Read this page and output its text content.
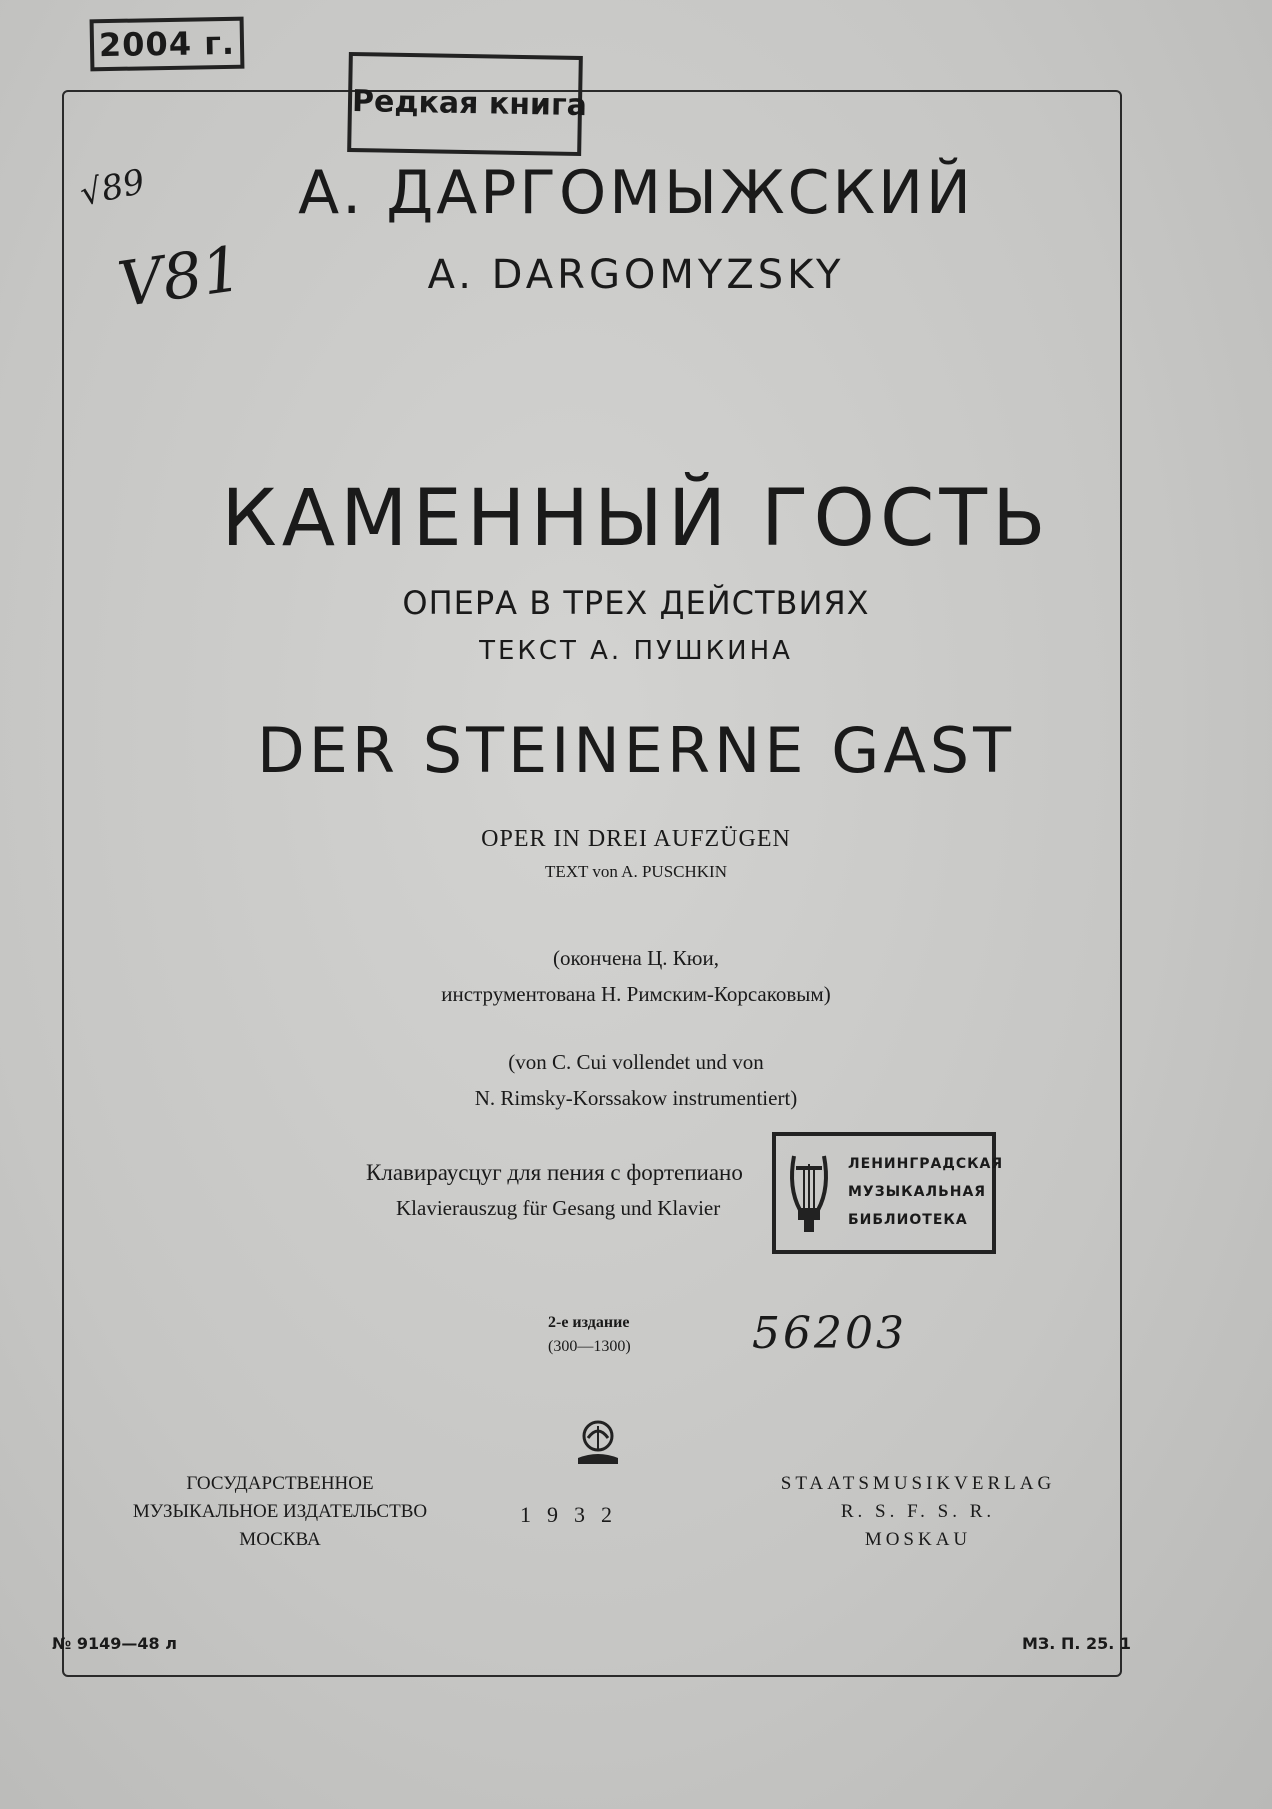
2004 г.
Редкая книга
√89
V81
А. ДАРГОМЫЖСКИЙ
A. DARGOMYZSKY
КАМЕННЫЙ ГОСТЬ
ОПЕРА В ТРЕХ ДЕЙСТВИЯХ
ТЕКСТ А. ПУШКИНА
DER STEINERNE GAST
OPER IN DREI AUFZÜGEN
TEXT von A. PUSCHKIN
(окончена Ц. Кюи,
инструментована Н. Римским-Корсаковым)
(von C. Cui vollendet und von
N. Rimsky-Korssakow instrumentiert)
Клавираусцуг для пения с фортепиано
Klavierauszug für Gesang und Klavier
ЛЕНИНГРАДСКАЯ
МУЗЫКАЛЬНАЯ
БИБЛИОТЕКА
2-е издание
(300—1300)	56203
ГОСУДАРСТВЕННОЕ
МУЗЫКАЛЬНОЕ ИЗДАТЕЛЬСТВО
МОСКВА
1932
STAATSMUSIKVERLAG
R. S. F. S. R.
MOSKAU
№ 9149—48 л	МЗ. П. 25. 1
